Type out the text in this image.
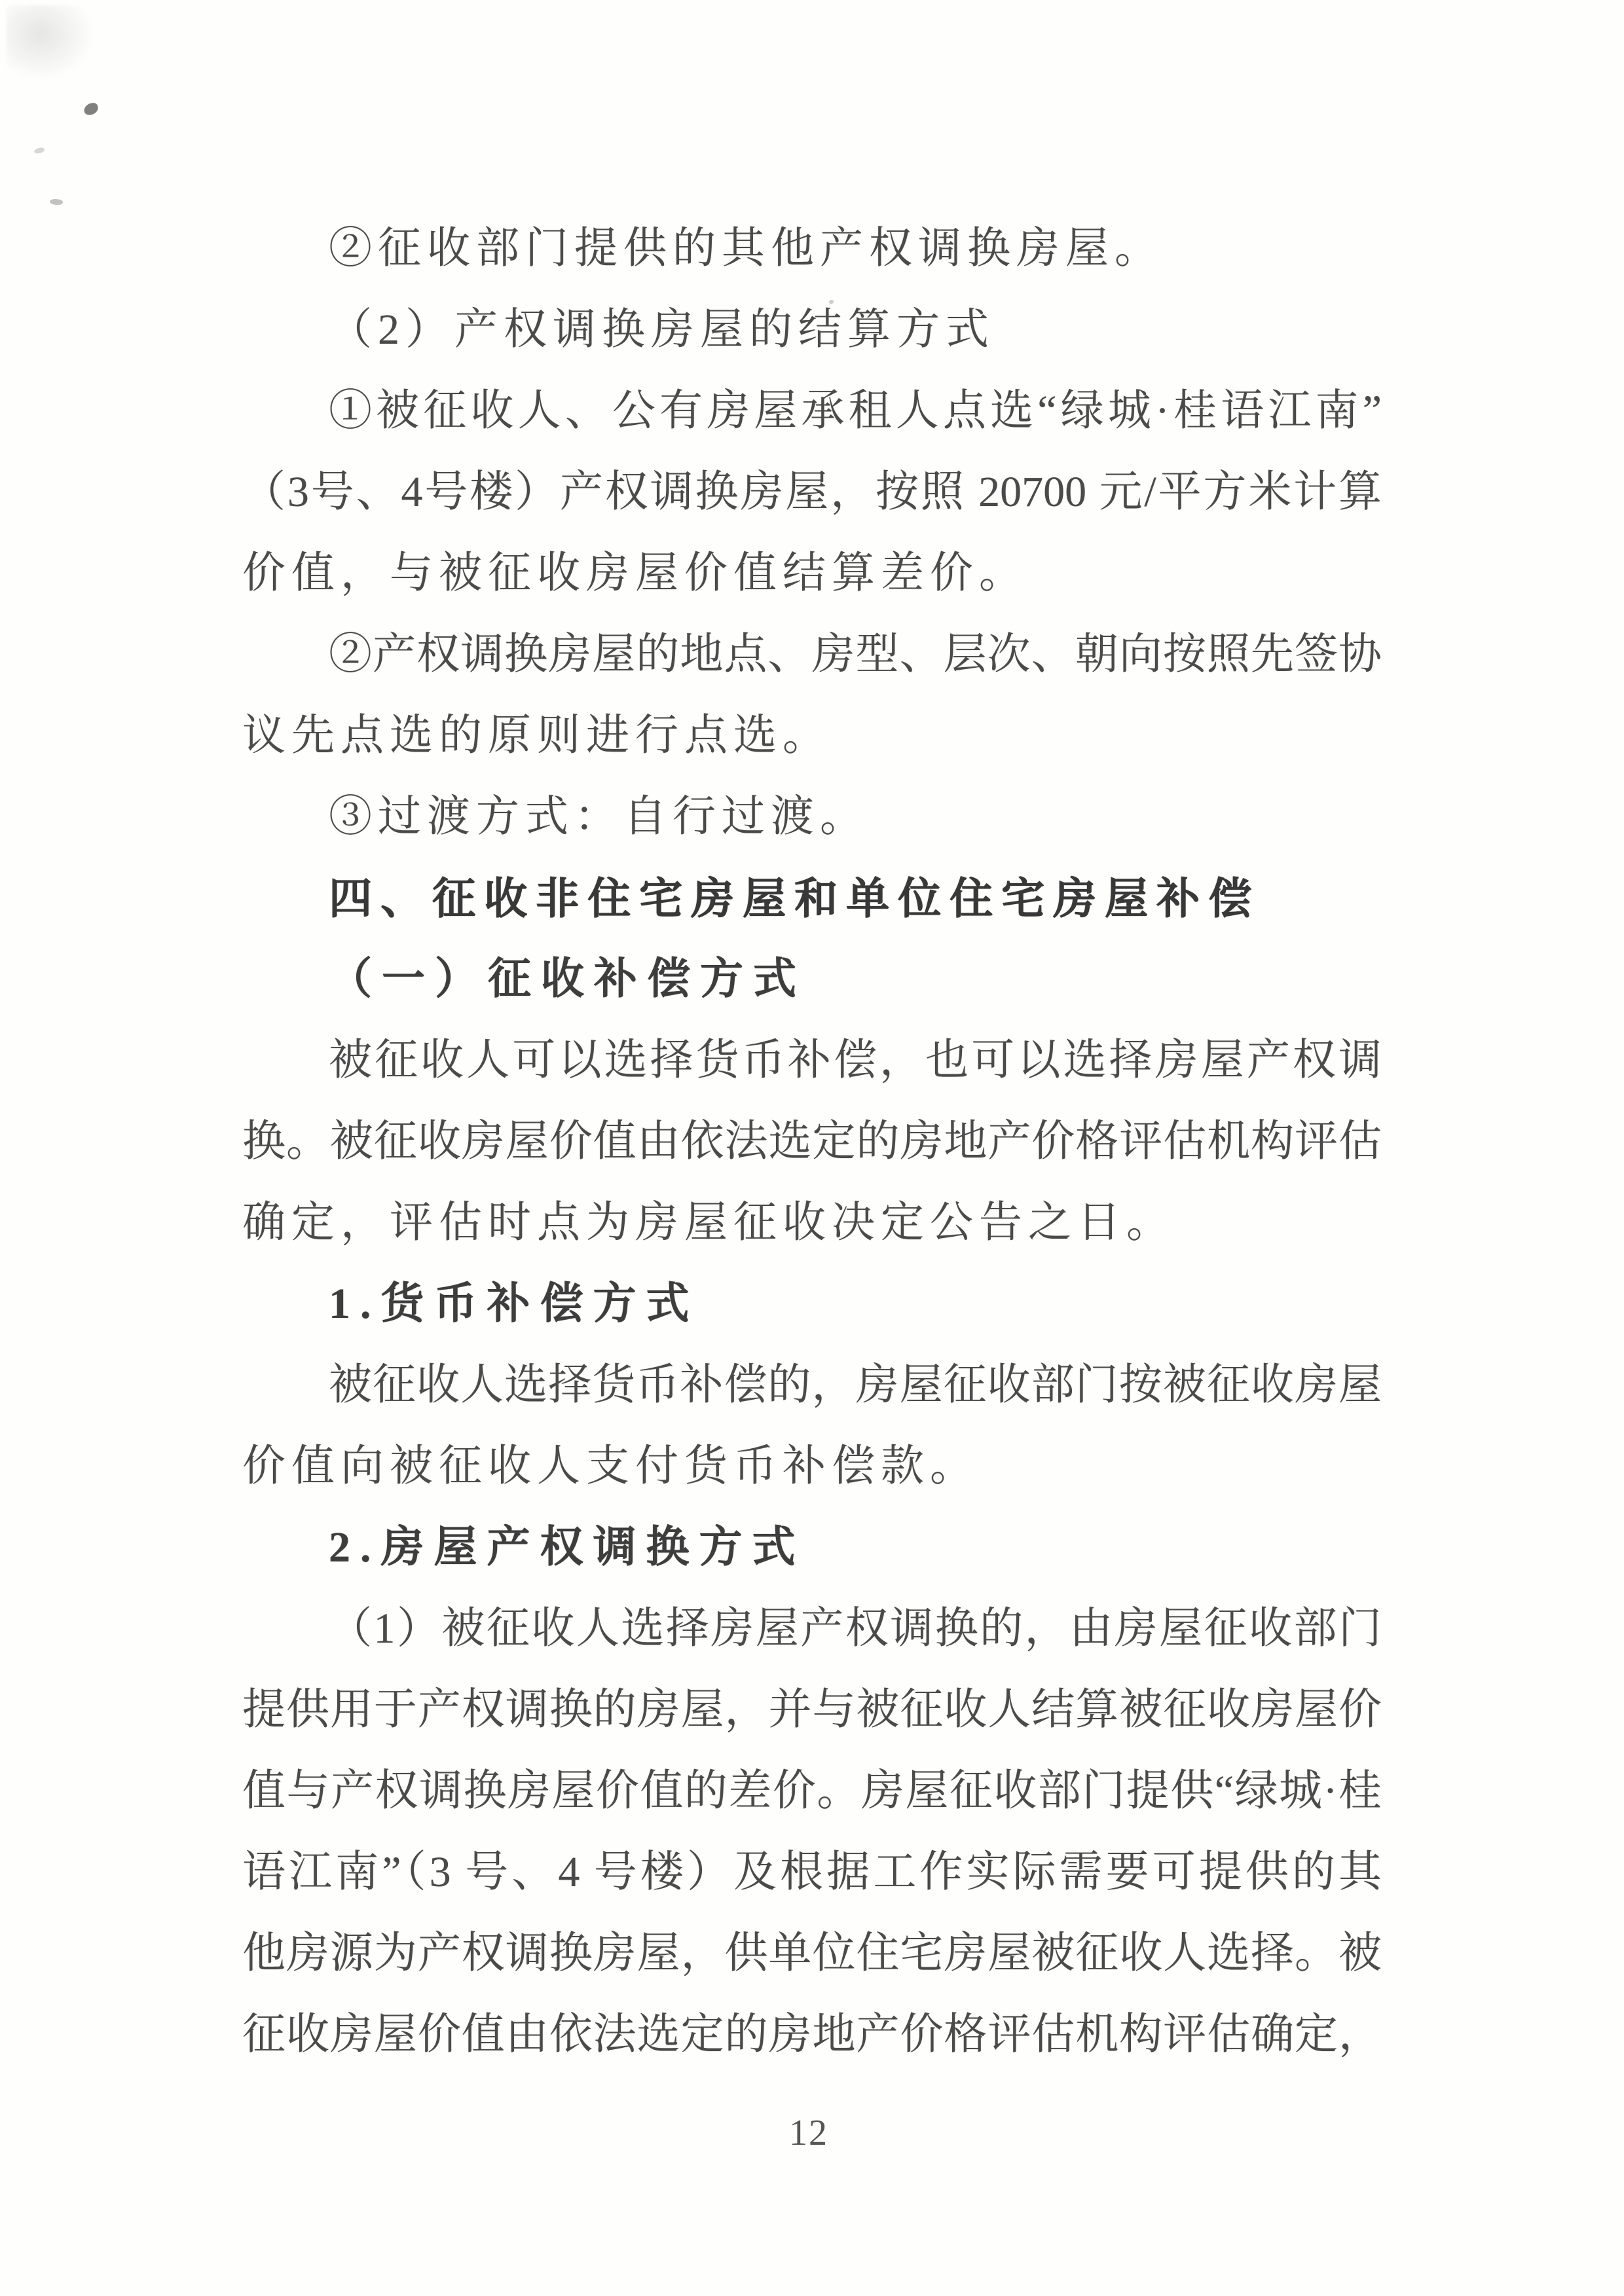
②征收部门提供的其他产权调换房屋。
（2）产权调换房屋的结算方式
①被征收人、公有房屋承租人点选“绿城·桂语江南”
（3号、4号楼）产权调换房屋，按照 20700 元/平方米计算
价值，与被征收房屋价值结算差价。
②产权调换房屋的地点、房型、层次、朝向按照先签协
议先点选的原则进行点选。
③过渡方式：自行过渡。
四、征收非住宅房屋和单位住宅房屋补偿
（一）征收补偿方式
被征收人可以选择货币补偿，也可以选择房屋产权调
换。被征收房屋价值由依法选定的房地产价格评估机构评估
确定，评估时点为房屋征收决定公告之日。
1.货币补偿方式
被征收人选择货币补偿的，房屋征收部门按被征收房屋
价值向被征收人支付货币补偿款。
2.房屋产权调换方式
（1）被征收人选择房屋产权调换的，由房屋征收部门
提供用于产权调换的房屋，并与被征收人结算被征收房屋价
值与产权调换房屋价值的差价。房屋征收部门提供“绿城·桂
语江南”（3 号、4 号楼）及根据工作实际需要可提供的其
他房源为产权调换房屋，供单位住宅房屋被征收人选择。被
征收房屋价值由依法选定的房地产价格评估机构评估确定，
12
